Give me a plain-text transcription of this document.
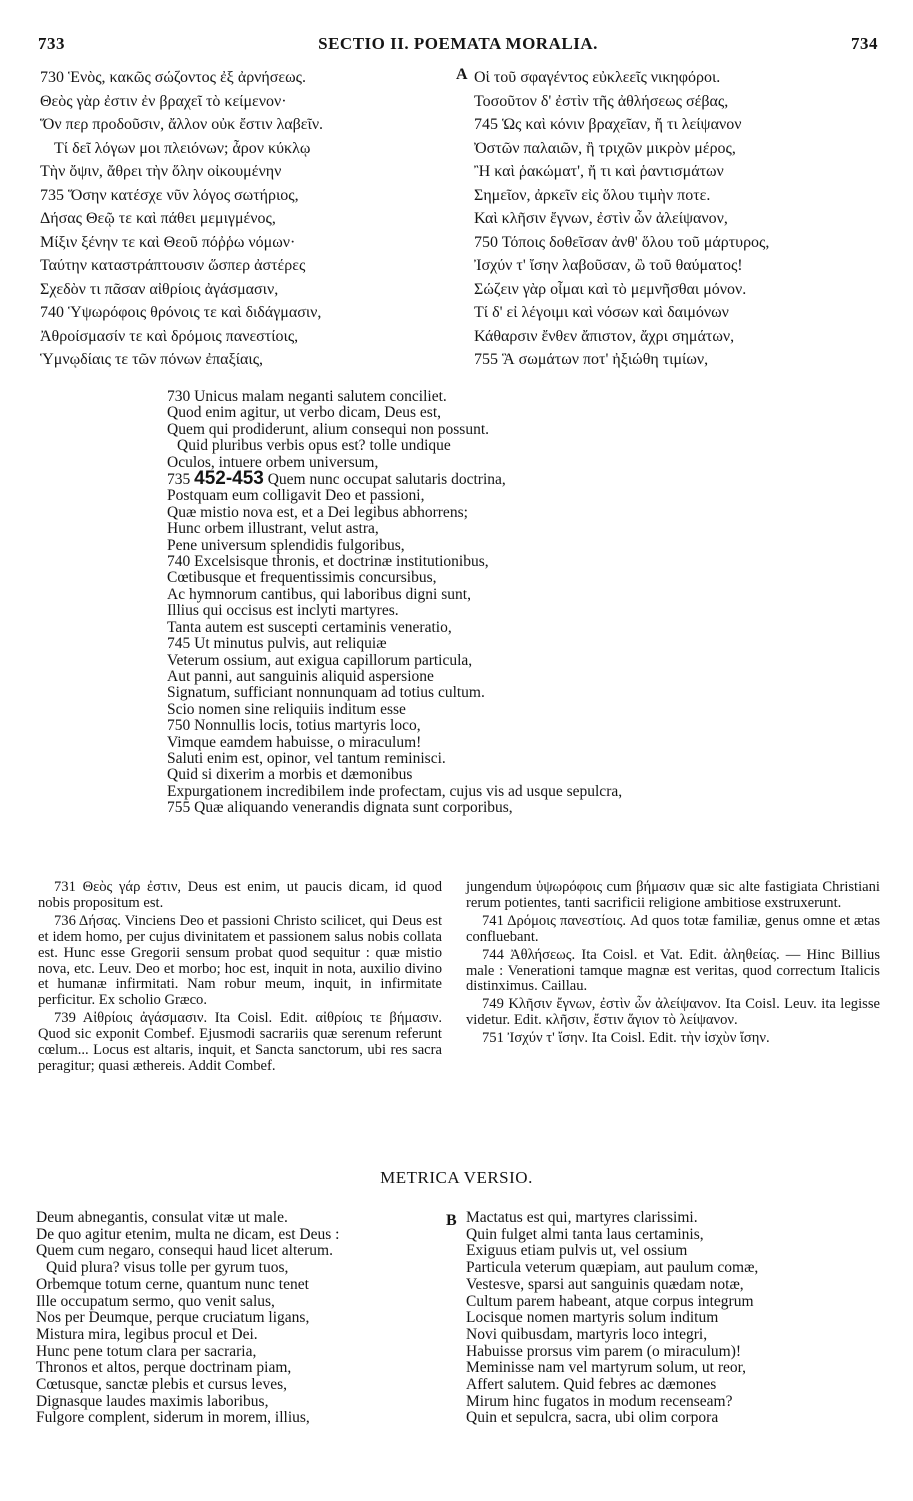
733	SECTIO II. POEMATA MORALIA.	734
730 Ἑνὸς, κακῶς σώζοντος ἐξ ἀρνήσεως.
Θεὸς γὰρ ἐστιν ἐν βραχεῖ τὸ κείμενον·
Ὅν περ προδοῦσιν, ἄλλον οὐκ ἔστιν λαβεῖν.
Τί δεῖ λόγων μοι πλειόνων; ἆρον κύκλῳ
Τὴν ὄψιν, ἄθρει τὴν ὅλην οἰκουμένην
735 Ὅσην κατέσχε νῦν λόγος σωτήριος,
Δήσας Θεῷ τε καὶ πάθει μεμιγμένος,
Μίξιν ξένην τε καὶ Θεοῦ πόῤῥω νόμων·
Ταύτην καταστράπτουσιν ὥσπερ ἀστέρες
Σχεδὸν τι πᾶσαν αἰθρίοις ἀγάσμασιν,
740 Ὑψωρόφοις θρόνοις τε καὶ διδάγμασιν,
Ἀθροίσμασίν τε καὶ δρόμοις πανεστίοις,
Ὑμνῳδίαις τε τῶν πόνων ἐπαξίαις,
A Οἱ τοῦ σφαγέντος εὐκλεεῖς νικηφόροι.
Τοσοῦτον δ' ἐστὶν τῆς ἀθλήσεως σέβας,
745 Ὡς καὶ κόνιν βραχεῖαν, ἤ τι λείψανον
Ὀστῶν παλαιῶν, ἢ τριχῶν μικρὸν μέρος,
Ἢ καὶ ῥακώματ', ἤ τι καὶ ῥαντισμάτων
Σημεῖον, ἀρκεῖν εἰς ὅλου τιμὴν ποτε.
Καὶ κλῆσιν ἔγνων, ἐστὶν ὧν ἀλείψανον,
750 Τόποις δοθεῖσαν ἀνθ' ὅλου τοῦ μάρτυρος,
Ἰσχύν τ' ἴσην λαβοῦσαν, ὢ τοῦ θαύματος!
Σώζειν γὰρ οἶμαι καὶ τὸ μεμνῆσθαι μόνον.
Τί δ' εἰ λέγοιμι καὶ νόσων καὶ δαιμόνων
Κάθαρσιν ἔνθεν ἄπιστον, ἄχρι σημάτων,
755 Ἃ σωμάτων ποτ' ἠξιώθη τιμίων,
730 Unicus malam neganti salutem conciliet.
Quod enim agitur, ut verbo dicam, Deus est,
Quem qui prodiderunt, alium consequi non possunt.
Quid pluribus verbis opus est? tolle undique
Oculos, intuere orbem universum,
735 452-453 Quem nunc occupat salutaris doctrina,
Postquam eum colligavit Deo et passioni,
Quæ mistio nova est, et a Dei legibus abhorrens;
Hunc orbem illustrant, velut astra,
Pene universum splendidis fulgoribus,
740 Excelsisque thronis, et doctrinæ institutionibus,
Cœtibusque et frequentissimis concursibus,
Ac hymnorum cantibus, qui laboribus digni sunt,
Illius qui occisus est inclyti martyres.
Tanta autem est suscepti certaminis veneratio,
745 Ut minutus pulvis, aut reliquiæ
Veterum ossium, aut exigua capillorum particula,
Aut panni, aut sanguinis aliquid aspersione
Signatum, sufficiant nonnunquam ad totius cultum.
Scio nomen sine reliquiis inditum esse
750 Nonnullis locis, totius martyris loco,
Vimque eamdem habuisse, o miraculum!
Saluti enim est, opinor, vel tantum reminisci.
Quid si dixerim a morbis et dæmonibus
Expurgationem incredibilem inde profectam, cujus vis ad usque sepulcra,
755 Quæ aliquando venerandis dignata sunt corporibus,

731 Θεὸς γάρ ἐστιν, Deus est enim, ut paucis dicam, id quod nobis propositum est.

736 Δήσας. Vinciens Deo et passioni Christo scilicet, qui Deus est et idem homo, per cujus divinitatem et passionem salus nobis collata est. Hunc esse Gregorii sensum probat quod sequitur : quæ mistio nova, etc. Leuv. Deo et morbo; hoc est, inquit in nota, auxilio divino et humanæ infirmitati. Nam robur meum, inquit, in infirmitate perficitur. Ex scholio Græco.

739 Αἰθρίοις ἀγάσμασιν. Ita Coisl. Edit. αἰθρίοις τε βήμασιν. Quod sic exponit Combef. Ejusmodi sacrariis quæ serenum referunt cœlum... Locus est altaris, inquit, et Sancta sanctorum, ubi res sacra peragitur; quasi æthereis. Addit Combef.

jungendum ὑψωρόφοις cum βήμασιν quæ sic alte fastigiata Christiani rerum potientes, tanti sacrificii religione ambitiose exstruxerunt.

741 Δρόμοις πανεστίοις. Ad quos totæ familiæ, genus omne et ætas confluebant.

744 Ἀθλήσεως. Ita Coisl. et Vat. Edit. ἀληθείας. — Hinc Billius male : Venerationi tamque magnæ est veritas, quod correctum Italicis distinximus. Caillau.

749 Κλῆσιν ἔγνων, ἐστὶν ὧν ἀλείψανον. Ita Coisl. Leuv. ita legisse videtur. Edit. κλῆσιν, ἔστιν ἅγιον τὸ λείψανον.

751 Ἰσχύν τ' ἴσην. Ita Coisl. Edit. τὴν ἰσχὺν ἴσην.

METRICA VERSIO.
Deum abnegantis, consulat vitæ ut male.
De quo agitur etenim, multa ne dicam, est Deus :
Quem cum negaro, consequi haud licet alterum.
Quid plura? visus tolle per gyrum tuos,
Orbemque totum cerne, quantum nunc tenet
Ille occupatum sermo, quo venit salus,
Nos per Deumque, perque cruciatum ligans,
Mistura mira, legibus procul et Dei.
Hunc pene totum clara per sacraria,
Thronos et altos, perque doctrinam piam,
Cœtusque, sanctæ plebis et cursus leves,
Dignasque laudes maximis laboribus,
Fulgore complent, siderum in morem, illius,
B Mactatus est qui, martyres clarissimi.
Quin fulget almi tanta laus certaminis,
Exiguus etiam pulvis ut, vel ossium
Particula veterum quæpiam, aut paulum comæ,
Vestesve, sparsi aut sanguinis quædam notæ,
Cultum parem habeant, atque corpus integrum
Locisque nomen martyris solum inditum
Novi quibusdam, martyris loco integri,
Habuisse prorsus vim parem (o miraculum)!
Meminisse nam vel martyrum solum, ut reor,
Affert salutem. Quid febres ac dæmones
Mirum hinc fugatos in modum recenseam?
Quin et sepulcra, sacra, ubi olim corpora
